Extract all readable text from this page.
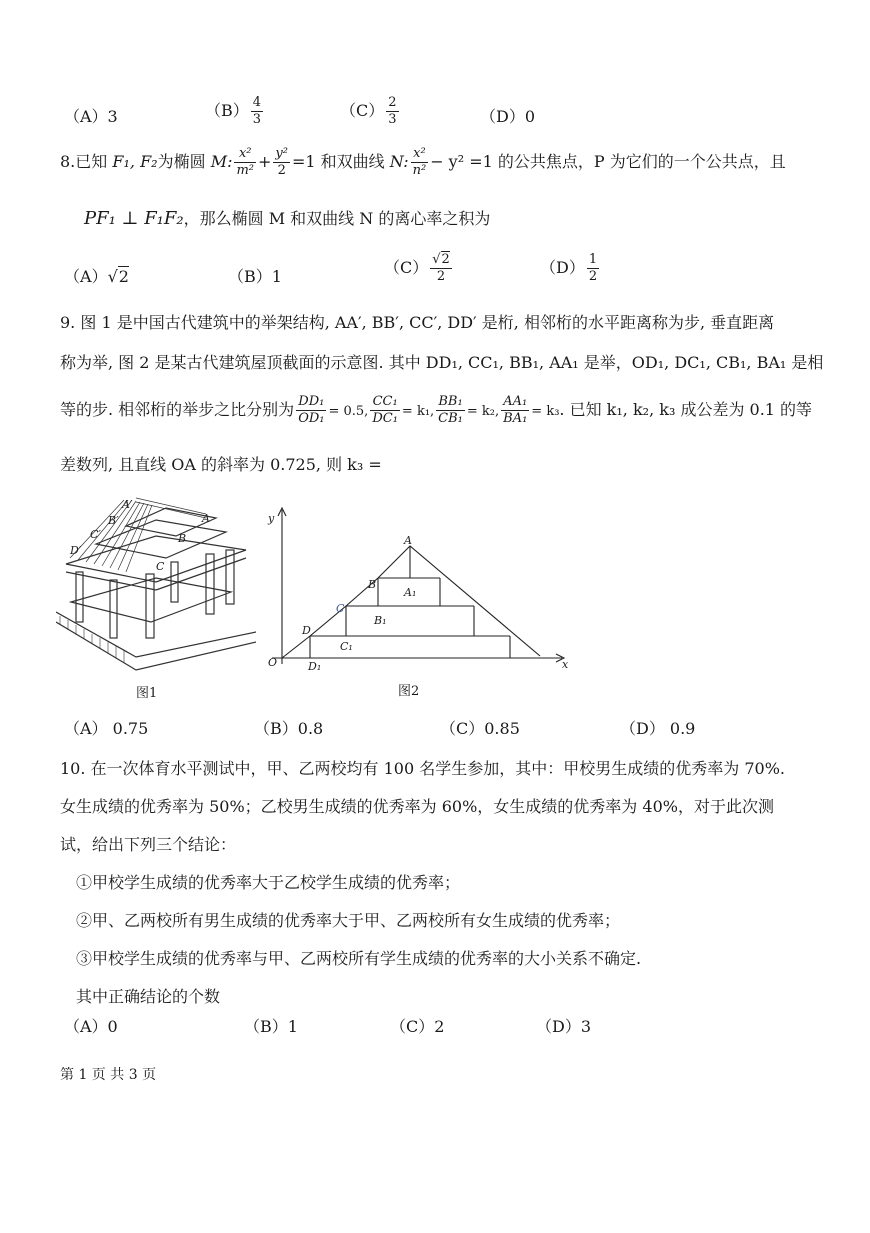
（A）3	$(B) \frac{4}{3}$	$(C) \frac{2}{3}$	（D）0
8.已知 F₁, F₂为椭圆 M: $\frac{\text{x²}}{\text{m²}} + \frac{\text{y²}}{2} =1$ 和双曲线 N: $\frac{\text{x²}}{\text{n²}} - y^2 =1$ 的公共焦点，P 为它们的一个公共点，且
PF₁ ⊥ F₁F₂，那么椭圆 M 和双曲线 N 的离心率之积为
（A）√2	（B）1	$(C) \frac{√2}{2}$	$(D) \frac{1}{2}$
9. 图 1 是中国古代建筑中的举架结构, AA′, BB′, CC′, DD′ 是桁, 相邻桁的水平距离称为步, 垂直距离
称为举, 图 2 是某古代建筑屋顶截面的示意图. 其中 DD₁, CC₁, BB₁, AA₁ 是举，OD₁, DC₁, CB₁, BA₁ 是相
等的步. 相邻桁的举步之比分别为 $\frac{\text{DD₁}}{\text{OD₁}} = 0.5$, $\frac{\text{CC₁}}{\text{DC₁}} = k_1$, $\frac{\text{BB₁}}{\text{CB₁}} = k_2$, $\frac{\text{AA₁}}{\text{BA₁}} = k_3$. 已知 k₁, k₂, k₃ 成公差为 0.1 的等
差数列, 且直线 OA 的斜率为 0.725, 则 k₃ =
A′
B′
C′
D′
A
B
C
图1
y
x
O
A
B
C
D
A₁
B₁
C₁
D₁
图2
（A） 0.75	（B）0.8	（C）0.85	（D） 0.9
10. 在一次体育水平测试中，甲、乙两校均有 100 名学生参加，其中：甲校男生成绩的优秀率为 70%.
女生成绩的优秀率为 50%；乙校男生成绩的优秀率为 60%，女生成绩的优秀率为 40%，对于此次测
试，给出下列三个结论：
①甲校学生成绩的优秀率大于乙校学生成绩的优秀率；
②甲、乙两校所有男生成绩的优秀率大于甲、乙两校所有女生成绩的优秀率；
③甲校学生成绩的优秀率与甲、乙两校所有学生成绩的优秀率的大小关系不确定.
其中正确结论的个数
（A）0	（B）1	（C）2	（D）3
第 1 页 共 3 页
